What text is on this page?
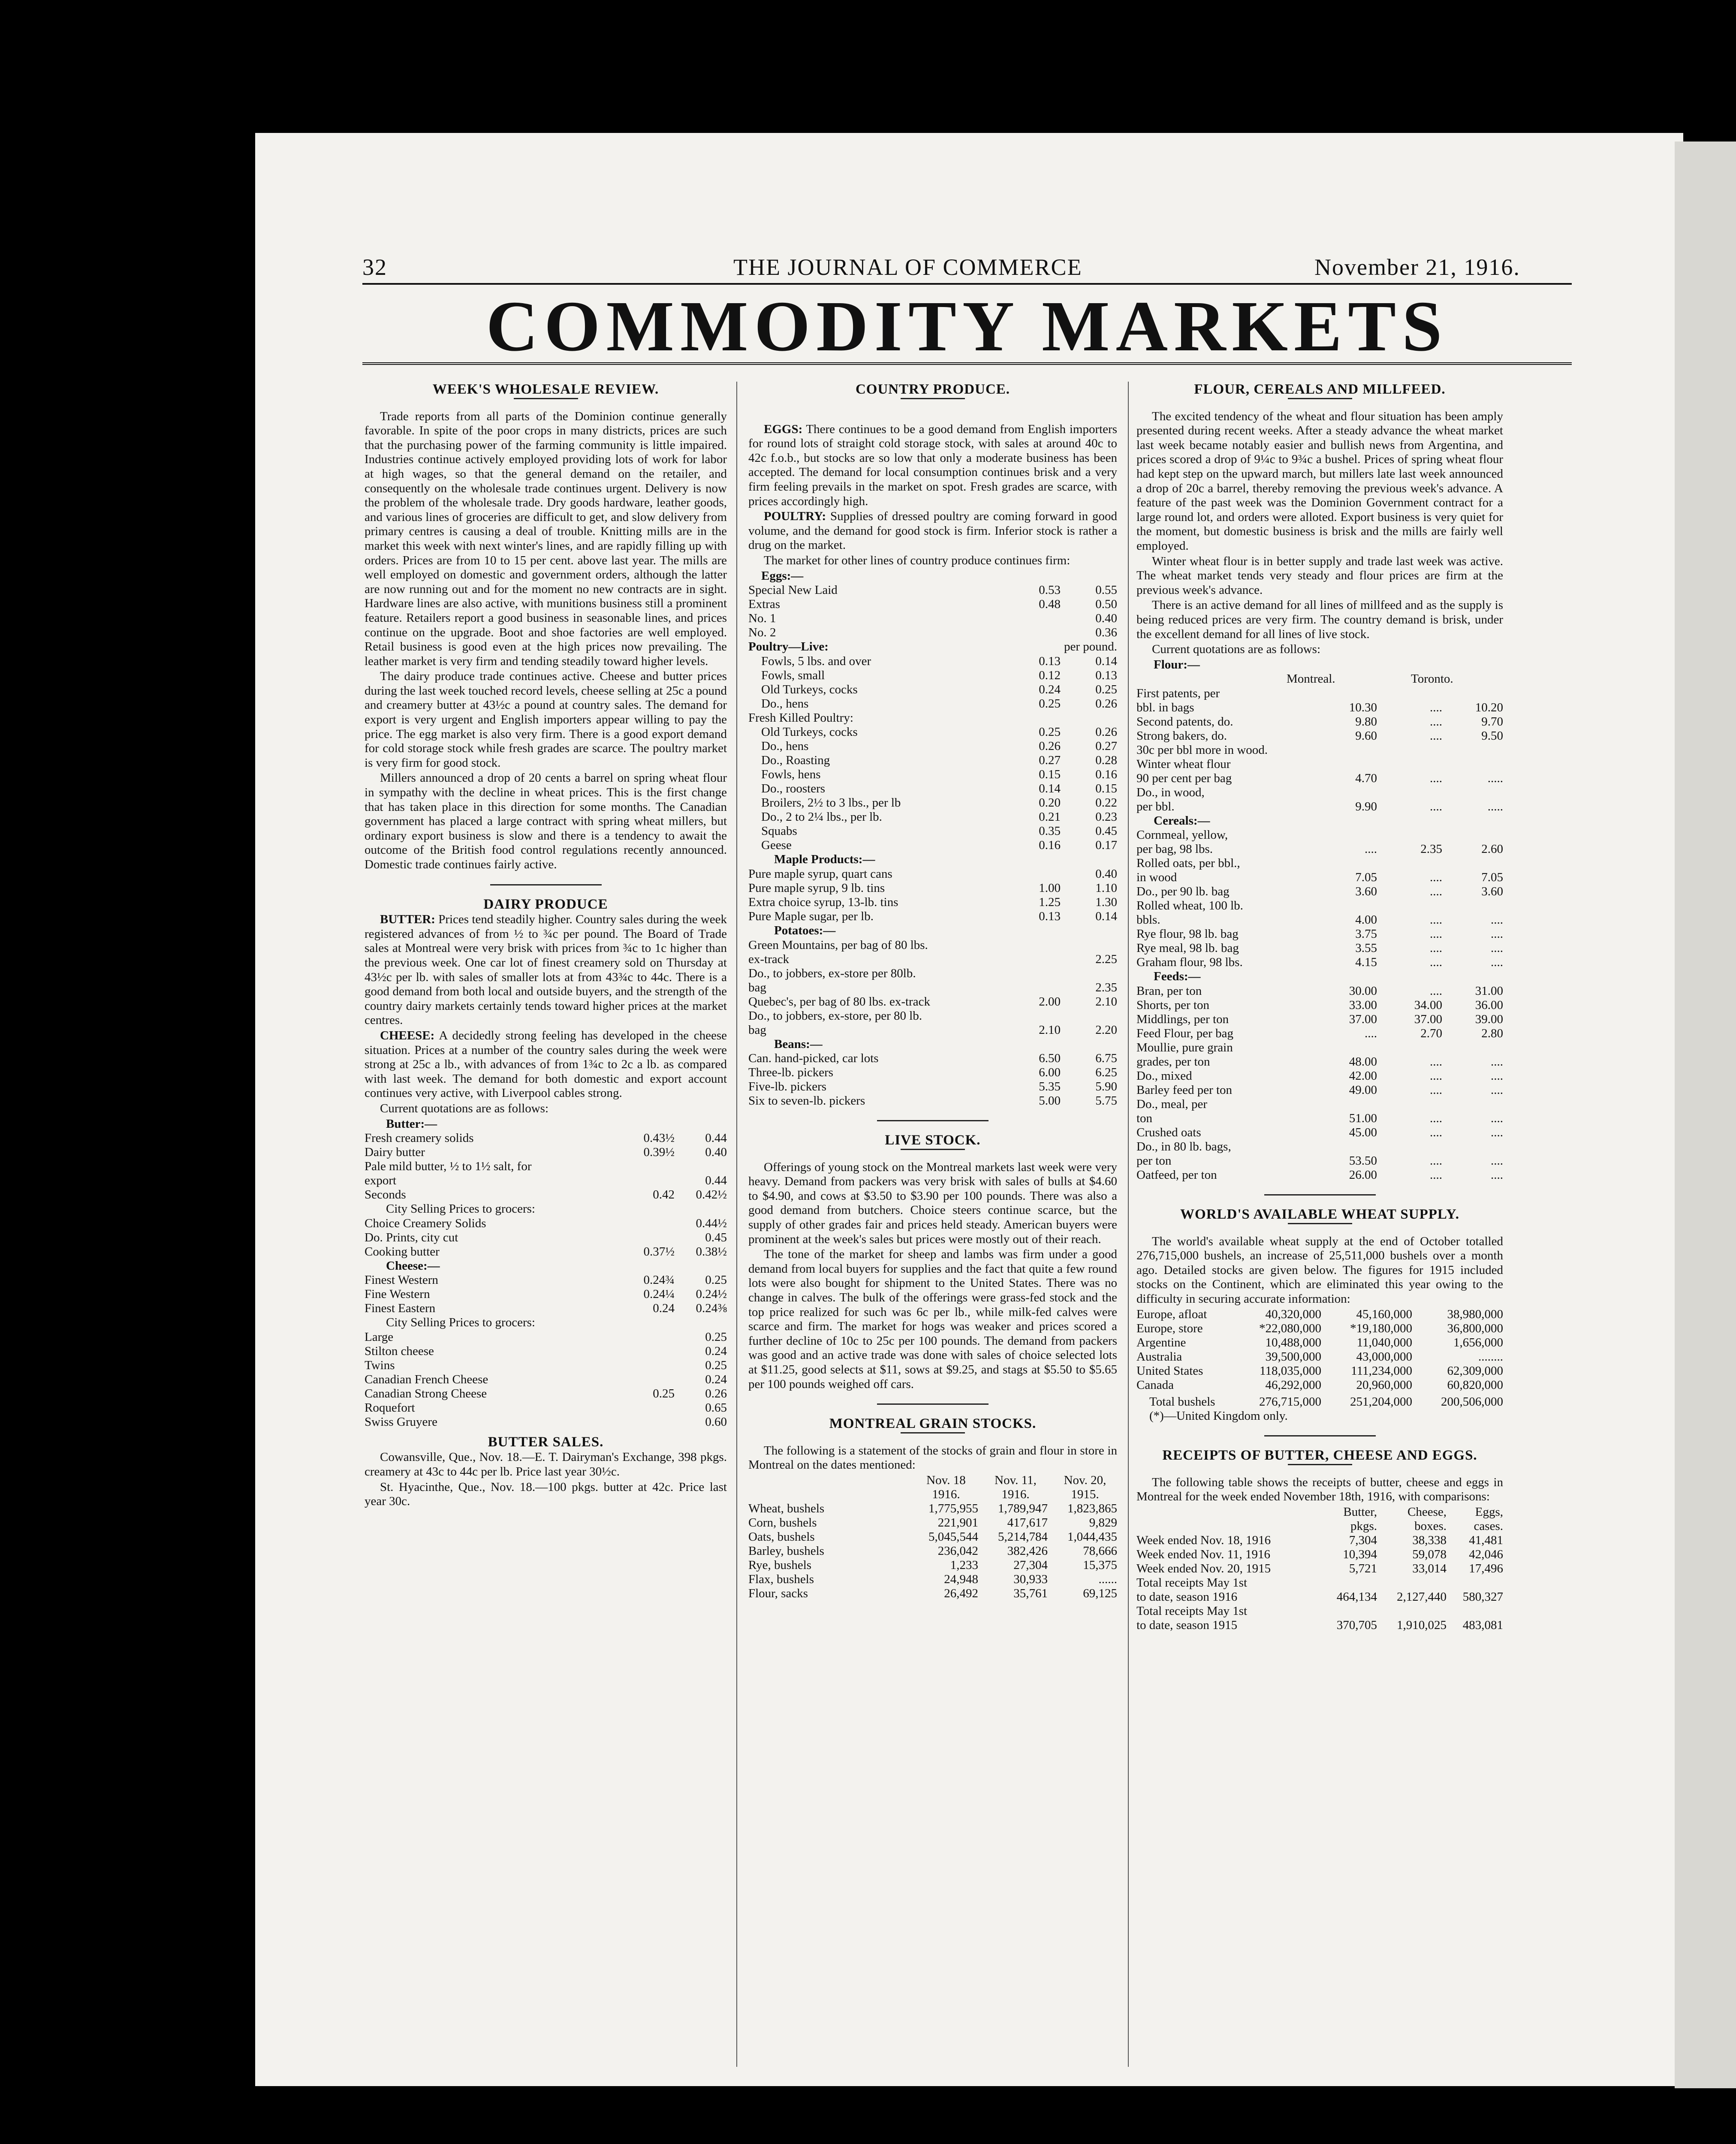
32	THE JOURNAL OF COMMERCE	November 21, 1916.
COMMODITY MARKETS

WEEK'S WHOLESALE REVIEW.

Trade reports from all parts of the Dominion continue generally favorable. In spite of the poor crops in many districts, prices are such that the purchasing power of the farming community is little impaired. Industries continue actively employed providing lots of work for labor at high wages, so that the general demand on the retailer, and consequently on the wholesale trade continues urgent. Delivery is now the problem of the wholesale trade. Dry goods hardware, leather goods, and various lines of groceries are difficult to get, and slow delivery from primary centres is causing a deal of trouble. Knitting mills are in the market this week with next winter's lines, and are rapidly filling up with orders. Prices are from 10 to 15 per cent. above last year. The mills are well employed on domestic and government orders, although the latter are now running out and for the moment no new contracts are in sight. Hardware lines are also active, with munitions business still a prominent feature. Retailers report a good business in seasonable lines, and prices continue on the upgrade. Boot and shoe factories are well employed. Retail business is good even at the high prices now prevailing. The leather market is very firm and tending steadily toward higher levels.

The dairy produce trade continues active. Cheese and butter prices during the last week touched record levels, cheese selling at 25c a pound and creamery butter at 43½c a pound at country sales. The demand for export is very urgent and English importers appear willing to pay the price. The egg market is also very firm. There is a good export demand for cold storage stock while fresh grades are scarce. The poultry market is very firm for good stock.

Millers announced a drop of 20 cents a barrel on spring wheat flour in sympathy with the decline in wheat prices. This is the first change that has taken place in this direction for some months. The Canadian government has placed a large contract with spring wheat millers, but ordinary export business is slow and there is a tendency to await the outcome of the British food control regulations recently announced. Domestic trade continues fairly active.

DAIRY PRODUCE

BUTTER: Prices tend steadily higher. Country sales during the week registered advances of from ½ to ¾c per pound. The Board of Trade sales at Montreal were very brisk with prices from ¾c to 1c higher than the previous week. One car lot of finest creamery sold on Thursday at 43½c per lb. with sales of smaller lots at from 43¾c to 44c. There is a good demand from both local and outside buyers, and the strength of the country dairy markets certainly tends toward higher prices at the market centres.

CHEESE: A decidedly strong feeling has developed in the cheese situation. Prices at a number of the country sales during the week were strong at 25c a lb., with advances of from 1¾c to 2c a lb. as compared with last week. The demand for both domestic and export account continues very active, with Liverpool cables strong.

Current quotations are as follows:

Butter:—
Fresh creamery solids	0.43½	0.44
Dairy butter	0.39½	0.40
Pale mild butter, ½ to 1½ salt, for		
export		0.44
Seconds	0.42	0.42½
City Selling Prices to grocers:
Choice Creamery Solids		0.44½
Do. Prints, city cut		0.45
Cooking butter	0.37½	0.38½
Cheese:—
Finest Western	0.24¾	0.25
Fine Western	0.24¼	0.24½
Finest Eastern	0.24	0.24⅜
City Selling Prices to grocers:
Large		0.25
Stilton cheese		0.24
Twins		0.25
Canadian French Cheese		0.24
Canadian Strong Cheese	0.25	0.26
Roquefort		0.65
Swiss Gruyere		0.60

BUTTER SALES.

Cowansville, Que., Nov. 18.—E. T. Dairyman's Exchange, 398 pkgs. creamery at 43c to 44c per lb. Price last year 30½c.

St. Hyacinthe, Que., Nov. 18.—100 pkgs. butter at 42c. Price last year 30c.

COUNTRY PRODUCE.

EGGS: There continues to be a good demand from English importers for round lots of straight cold storage stock, with sales at around 40c to 42c f.o.b., but stocks are so low that only a moderate business has been accepted. The demand for local consumption continues brisk and a very firm feeling prevails in the market on spot. Fresh grades are scarce, with prices accordingly high.

POULTRY: Supplies of dressed poultry are coming forward in good volume, and the demand for good stock is firm. Inferior stock is rather a drug on the market.

The market for other lines of country produce continues firm:

Eggs:—
Special New Laid	0.53	0.55
Extras	0.48	0.50
No. 1		0.40
No. 2		0.36
Poultry—Live:	per pound.
Fowls, 5 lbs. and over	0.13	0.14
Fowls, small	0.12	0.13
Old Turkeys, cocks	0.24	0.25
Do., hens	0.25	0.26
Fresh Killed Poultry:
Old Turkeys, cocks	0.25	0.26
Do., hens	0.26	0.27
Do., Roasting	0.27	0.28
Fowls, hens	0.15	0.16
Do., roosters	0.14	0.15
Broilers, 2½ to 3 lbs., per lb	0.20	0.22
Do., 2 to 2¼ lbs., per lb.	0.21	0.23
Squabs	0.35	0.45
Geese	0.16	0.17
Maple Products:—
Pure maple syrup, quart cans		0.40
Pure maple syrup, 9 lb. tins	1.00	1.10
Extra choice syrup, 13-lb. tins	1.25	1.30
Pure Maple sugar, per lb.	0.13	0.14
Potatoes:—
Green Mountains, per bag of 80 lbs.		
ex-track		2.25
Do., to jobbers, ex-store per 80lb.		
bag		2.35
Quebec's, per bag of 80 lbs. ex-track	2.00	2.10
Do., to jobbers, ex-store, per 80 lb.		
bag	2.10	2.20
Beans:—
Can. hand-picked, car lots	6.50	6.75
Three-lb. pickers	6.00	6.25
Five-lb. pickers	5.35	5.90
Six to seven-lb. pickers	5.00	5.75

LIVE STOCK.

Offerings of young stock on the Montreal markets last week were very heavy. Demand from packers was very brisk with sales of bulls at $4.60 to $4.90, and cows at $3.50 to $3.90 per 100 pounds. There was also a good demand from butchers. Choice steers continue scarce, but the supply of other grades fair and prices held steady. American buyers were prominent at the week's sales but prices were mostly out of their reach.

The tone of the market for sheep and lambs was firm under a good demand from local buyers for supplies and the fact that quite a few round lots were also bought for shipment to the United States. There was no change in calves. The bulk of the offerings were grass-fed stock and the top price realized for such was 6c per lb., while milk-fed calves were scarce and firm. The market for hogs was weaker and prices scored a further decline of 10c to 25c per 100 pounds. The demand from packers was good and an active trade was done with sales of choice selected lots at $11.25, good selects at $11, sows at $9.25, and stags at $5.50 to $5.65 per 100 pounds weighed off cars.

MONTREAL GRAIN STOCKS.

The following is a statement of the stocks of grain and flour in store in Montreal on the dates mentioned:

	Nov. 18	Nov. 11,	Nov. 20,
	1916.	1916.	1915.
Wheat, bushels	1,775,955	1,789,947	1,823,865
Corn, bushels	221,901	417,617	9,829
Oats, bushels	5,045,544	5,214,784	1,044,435
Barley, bushels	236,042	382,426	78,666
Rye, bushels	1,233	27,304	15,375
Flax, bushels	24,948	30,933	......
Flour, sacks	26,492	35,761	69,125

FLOUR, CEREALS AND MILLFEED.

The excited tendency of the wheat and flour situation has been amply presented during recent weeks. After a steady advance the wheat market last week became notably easier and bullish news from Argentina, and prices scored a drop of 9¼c to 9¾c a bushel. Prices of spring wheat flour had kept step on the upward march, but millers late last week announced a drop of 20c a barrel, thereby removing the previous week's advance. A feature of the past week was the Dominion Government contract for a large round lot, and orders were alloted. Export business is very quiet for the moment, but domestic business is brisk and the mills are fairly well employed.

Winter wheat flour is in better supply and trade last week was active. The wheat market tends very steady and flour prices are firm at the previous week's advance.

There is an active demand for all lines of millfeed and as the supply is being reduced prices are very firm. The country demand is brisk, under the excellent demand for all lines of live stock.

Current quotations are as follows:

Flour:—
Montreal.	Toronto.
First patents, per			
bbl. in bags	10.30	....	10.20
Second patents, do.	9.80	....	9.70
Strong bakers, do.	9.60	....	9.50
30c per bbl more in wood.			
Winter wheat flour			
90 per cent per bag	4.70	....	.....
Do., in wood,			
per bbl.	9.90	....	.....
Cereals:—
Cornmeal, yellow,			
per bag, 98 lbs.	....	2.35	2.60
Rolled oats, per bbl.,			
in wood	7.05	....	7.05
Do., per 90 lb. bag	3.60	....	3.60
Rolled wheat, 100 lb.			
bbls.	4.00	....	....
Rye flour, 98 lb. bag	3.75	....	....
Rye meal, 98 lb. bag	3.55	....	....
Graham flour, 98 lbs.	4.15	....	....
Feeds:—
Bran, per ton	30.00	....	31.00
Shorts, per ton	33.00	34.00	36.00
Middlings, per ton	37.00	37.00	39.00
Feed Flour, per bag	....	2.70	2.80
Moullie, pure grain			
grades, per ton	48.00	....	....
Do., mixed	42.00	....	....
Barley feed per ton	49.00	....	....
Do., meal, per			
ton	51.00	....	....
Crushed oats	45.00	....	....
Do., in 80 lb. bags,			
per ton	53.50	....	....
Oatfeed, per ton	26.00	....	....

WORLD'S AVAILABLE WHEAT SUPPLY.

The world's available wheat supply at the end of October totalled 276,715,000 bushels, an increase of 25,511,000 bushels over a month ago. Detailed stocks are given below. The figures for 1915 included stocks on the Continent, which are eliminated this year owing to the difficulty in securing accurate information:

Europe, afloat	40,320,000	45,160,000	38,980,000
Europe, store	*22,080,000	*19,180,000	36,800,000
Argentine	10,488,000	11,040,000	1,656,000
Australia	39,500,000	43,000,000	........
United States	118,035,000	111,234,000	62,309,000
Canada	46,292,000	20,960,000	60,820,000
Total bushels	276,715,000	251,204,000	200,506,000
(*)—United Kingdom only.

RECEIPTS OF BUTTER, CHEESE AND EGGS.

The following table shows the receipts of butter, cheese and eggs in Montreal for the week ended November 18th, 1916, with comparisons:

	Butter,	Cheese,	Eggs,
	pkgs.	boxes.	cases.
Week ended Nov. 18, 1916	7,304	38,338	41,481
Week ended Nov. 11, 1916	10,394	59,078	42,046
Week ended Nov. 20, 1915	5,721	33,014	17,496
Total receipts May 1st			
to date, season 1916	464,134	2,127,440	580,327
Total receipts May 1st			
to date, season 1915	370,705	1,910,025	483,081
